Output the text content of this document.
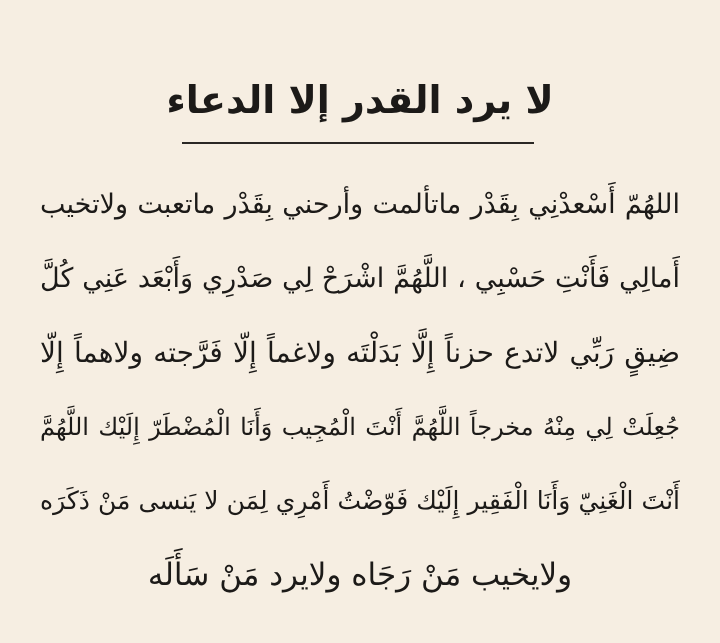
لا يرد القدر إلا الدعاء
اللهُمّ أَسْعدْنِي بِقَدْر ماتألمت وأرحني بِقَدْر ماتعبت ولاتخيب
أَمالِي فَأَنْتِ حَسْبِي ، اللَّهُمَّ اشْرَحْ لِي صَدْرِي وَأَبْعَد عَنِي كُلَّ
ضِيقٍ رَبِّي لاتدع حزناً إِلَّا بَدَلْتَه ولاغماً إِلّا فَرَّجته ولاهماً إِلّا
جُعِلَتْ لِي مِنْهُ مخرجاً اللَّهُمَّ أَنْتَ الْمُجِيب وَأَنَا الْمُضْطَرّ إِلَيْك اللَّهُمَّ
أَنْتَ الْغَنِيّ وَأَنَا الْفَقِير إِلَيْك فَوّضْتُ أَمْرِي لِمَن لا يَنسى مَنْ ذَكَرَه
ولايخيب مَنْ رَجَاه ولايرد مَنْ سَأَلَه
